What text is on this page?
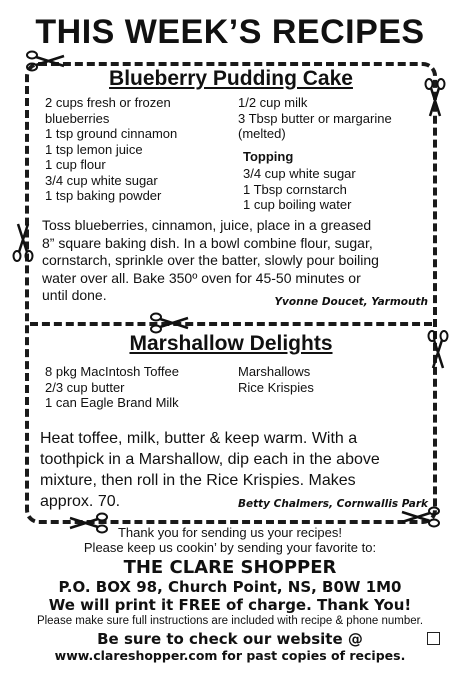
THIS WEEK’S RECIPES
Blueberry Pudding Cake
2 cups fresh or frozen
blueberries
1 tsp ground cinnamon
1 tsp lemon juice
1 cup flour
3/4 cup white sugar
1 tsp baking powder
1/2 cup milk
3 Tbsp butter or margarine
(melted)
Topping
3/4 cup white sugar
1 Tbsp cornstarch
1 cup boiling water
Toss blueberries, cinnamon, juice, place in a greased
8” square baking dish. In a bowl combine flour, sugar,
cornstarch, sprinkle over the batter, slowly pour boiling
water over all. Bake 350º oven for 45-50 minutes or
until done.	Yvonne Doucet, Yarmouth
Marshallow Delights
8 pkg MacIntosh Toffee
2/3 cup butter
1 can Eagle Brand Milk
Marshallows
Rice Krispies
Heat toffee, milk, butter & keep warm. With a
toothpick in a Marshallow, dip each in the above
mixture, then roll in the Rice Krispies. Makes
approx. 70.	Betty Chalmers, Cornwallis Park
Thank you for sending us your recipes!
Please keep us cookin’ by sending your favorite to:
THE CLARE SHOPPER
P.O. BOX 98, Church Point, NS, B0W 1M0
We will print it FREE of charge. Thank You!
Please make sure full instructions are included with recipe & phone number.
Be sure to check our website @
www.clareshopper.com for past copies of recipes.
